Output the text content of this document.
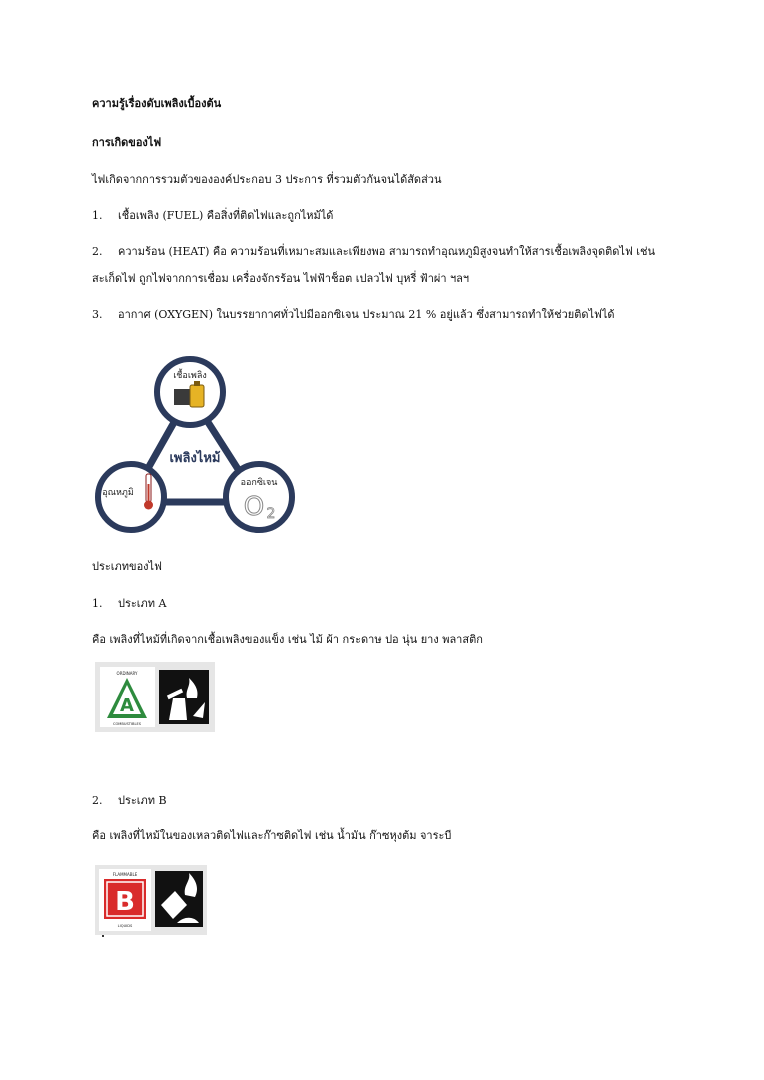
ความรู้เรื่องดับเพลิงเบื้องต้น
การเกิดของไฟ
ไฟเกิดจากการรวมตัวขององค์ประกอบ 3 ประการ ที่รวมตัวกันจนได้สัดส่วน
1. เชื้อเพลิง (FUEL) คือสิ่งที่ติดไฟและถูกไหม้ได้
2. ความร้อน (HEAT) คือ ความร้อนที่เหมาะสมและเพียงพอ สามารถทำอุณหภูมิสูงจนทำให้สารเชื้อเพลิงจุดติดไฟ เช่น
สะเก็ดไฟ ถูกไฟจากการเชื่อม เครื่องจักรร้อน ไฟฟ้าช็อต เปลวไฟ บุหรี่ ฟ้าผ่า ฯลฯ
3. อากาศ (OXYGEN) ในบรรยากาศทั่วไปมีออกซิเจน ประมาณ 21 % อยู่แล้ว ซึ่งสามารถทำให้ช่วยติดไฟได้
เชื้อเพลิง
อุณหภูมิ
ออกซิเจน
O 2
เพลิงไหม้
ประเภทของไฟ
1. ประเภท A
คือ เพลิงที่ไหม้ที่เกิดจากเชื้อเพลิงของแข็ง เช่น ไม้ ผ้า กระดาษ ปอ นุ่น ยาง พลาสติก
ORDINARY
A
COMBUSTIBLES
2. ประเภท B
คือ เพลิงที่ไหม้ในของเหลวติดไฟและก๊าซติดไฟ เช่น น้ำมัน ก๊าซหุงต้ม จาระบี
FLAMMABLE
B
LIQUIDS
